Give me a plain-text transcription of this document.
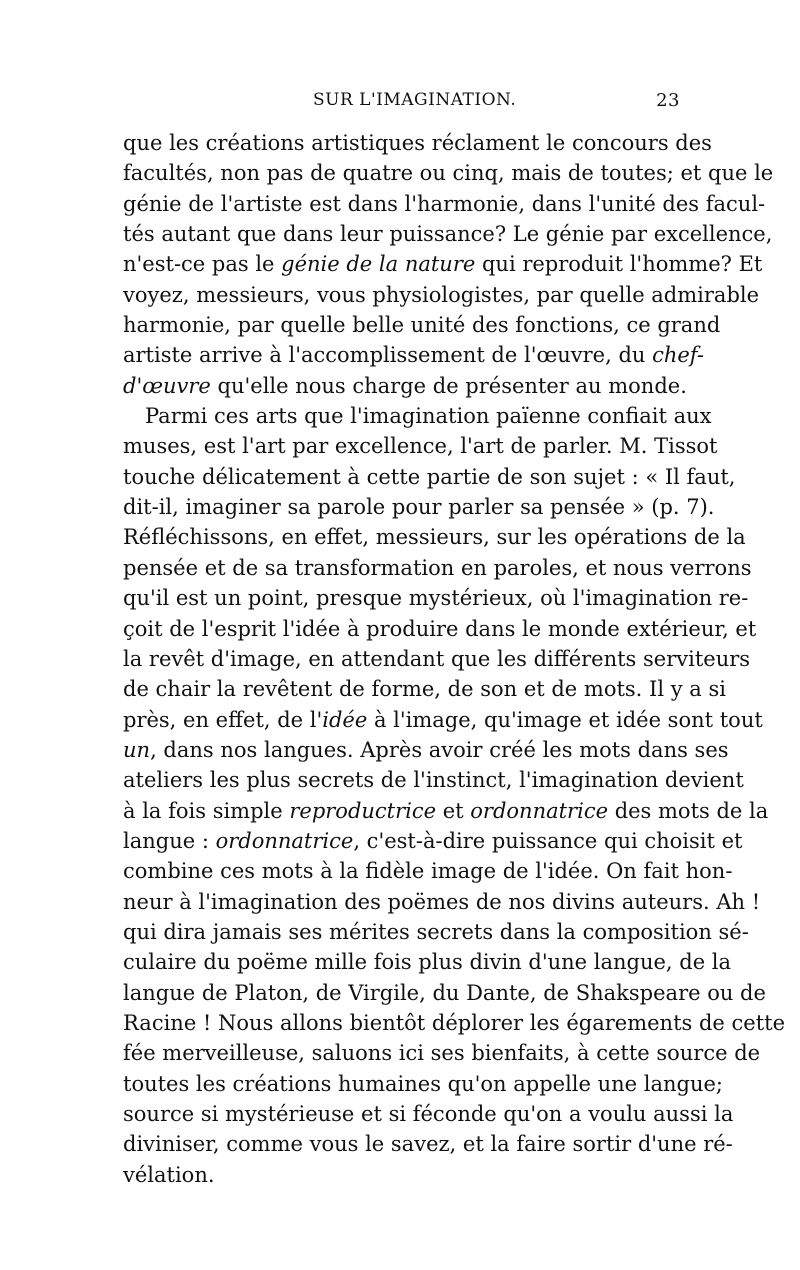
SUR L'IMAGINATION.	23
que les créations artistiques réclament le concours des
facultés, non pas de quatre ou cinq, mais de toutes; et que le
génie de l'artiste est dans l'harmonie, dans l'unité des facul-
tés autant que dans leur puissance? Le génie par excellence,
n'est-ce pas le génie de la nature qui reproduit l'homme? Et
voyez, messieurs, vous physiologistes, par quelle admirable
harmonie, par quelle belle unité des fonctions, ce grand
artiste arrive à l'accomplissement de l'œuvre, du chef-
d'œuvre qu'elle nous charge de présenter au monde.
Parmi ces arts que l'imagination païenne confiait aux
muses, est l'art par excellence, l'art de parler. M. Tissot
touche délicatement à cette partie de son sujet : « Il faut,
dit-il, imaginer sa parole pour parler sa pensée » (p. 7).
Réfléchissons, en effet, messieurs, sur les opérations de la
pensée et de sa transformation en paroles, et nous verrons
qu'il est un point, presque mystérieux, où l'imagination re-
çoit de l'esprit l'idée à produire dans le monde extérieur, et
la revêt d'image, en attendant que les différents serviteurs
de chair la revêtent de forme, de son et de mots. Il y a si
près, en effet, de l'idée à l'image, qu'image et idée sont tout
un, dans nos langues. Après avoir créé les mots dans ses
ateliers les plus secrets de l'instinct, l'imagination devient
à la fois simple reproductrice et ordonnatrice des mots de la
langue : ordonnatrice, c'est-à-dire puissance qui choisit et
combine ces mots à la fidèle image de l'idée. On fait hon-
neur à l'imagination des poëmes de nos divins auteurs. Ah !
qui dira jamais ses mérites secrets dans la composition sé-
culaire du poëme mille fois plus divin d'une langue, de la
langue de Platon, de Virgile, du Dante, de Shakspeare ou de
Racine ! Nous allons bientôt déplorer les égarements de cette
fée merveilleuse, saluons ici ses bienfaits, à cette source de
toutes les créations humaines qu'on appelle une langue;
source si mystérieuse et si féconde qu'on a voulu aussi la
diviniser, comme vous le savez, et la faire sortir d'une ré-
vélation.
